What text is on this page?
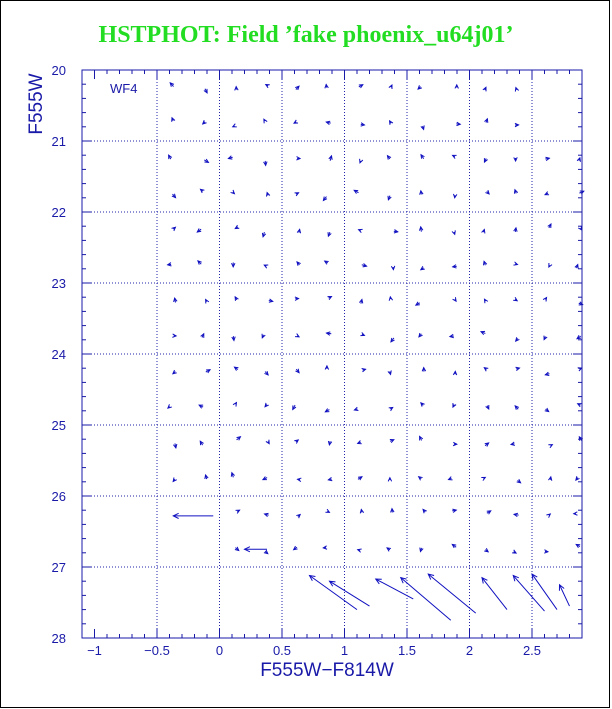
HSTPHOT: Field ’fake phoenix_u64j01’
−1	−0.5	0	0.5	1	1.5	2	2.5
20
21
22
23
24
25
26
27
28
WF4
F555W−F814W
F555W
